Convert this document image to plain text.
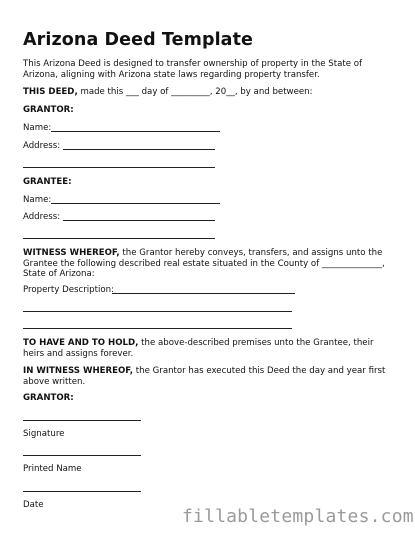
Arizona Deed Template
This Arizona Deed is designed to transfer ownership of property in the State of Arizona, aligning with Arizona state laws regarding property transfer.
THIS DEED, made this ___ day of _________, 20__, by and between:
GRANTOR:
Name:
Address:
GRANTEE:
Name:
Address:
WITNESS WHEREOF, the Grantor hereby conveys, transfers, and assigns unto the Grantee the following described real estate situated in the County of ______________, State of Arizona:
Property Description:
TO HAVE AND TO HOLD, the above-described premises unto the Grantee, their heirs and assigns forever.
IN WITNESS WHEREOF, the Grantor has executed this Deed the day and year first above written.
GRANTOR:
Signature
Printed Name
Date
fillabletemplates.com
